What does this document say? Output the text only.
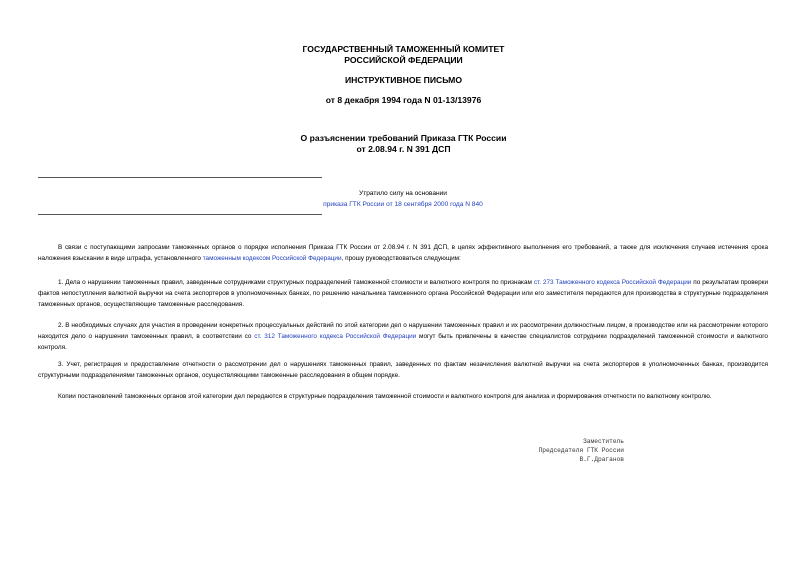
ГОСУДАРСТВЕННЫЙ ТАМОЖЕННЫЙ КОМИТЕТ
РОССИЙСКОЙ ФЕДЕРАЦИИ
ИНСТРУКТИВНОЕ ПИСЬМО
от 8 декабря 1994 года N 01-13/13976
О разъяснении требований Приказа ГТК России
от 2.08.94 г. N 391 ДСП
Утратило силу на основании
приказа ГТК России от 18 сентября 2000 года N 840

В связи с поступающими запросами таможенных органов о порядке исполнения Приказа ГТК России от 2.08.94 г. N 391 ДСП, в целях эффективного выполнения его требований, а также для исключения случаев истечения срока наложения взыскании в виде штрафа, установленного таможенным кодексом Российской Федерации, прошу руководствоваться следующим:

1. Дела о нарушении таможенных правил, заведенные сотрудниками структурных подразделений таможенной стоимости и валютного контроля по признакам ст. 273 Таможенного кодекса Российской Федерации по результатам проверки фактов непоступления валютной выручки на счета экспортеров в уполномоченных банках, по решению начальника таможенного органа Российской Федерации или его заместителя передаются для производства в структурные подразделения таможенных органов, осуществляющие таможенные расследования.

2. В необходимых случаях для участия в проведении конкретных процессуальных действий по этой категории дел о нарушении таможенных правил и их рассмотрении должностным лицом, в производстве или на рассмотрении которого находится дело о нарушении таможенных правил, в соответствии со ст. 312 Таможенного кодекса Российской Федерации могут быть привлечены в качестве специалистов сотрудники подразделений таможенной стоимости и валютного контроля.

3. Учет, регистрация и предоставление отчетности о рассмотрении дел о нарушениях таможенных правил, заведенных по фактам незачисления валютной выручки на счета экспортеров в уполномоченных банках, производится структурными подразделениями таможенных органов, осуществляющими таможенные расследования в общем порядке.

Копии постановлений таможенных органов этой категории дел передаются в структурные подразделения таможенной стоимости и валютного контроля для анализа и формирования отчетности по валютному контролю.

Заместитель
Председателя ГТК России
В.Г.Драганов
